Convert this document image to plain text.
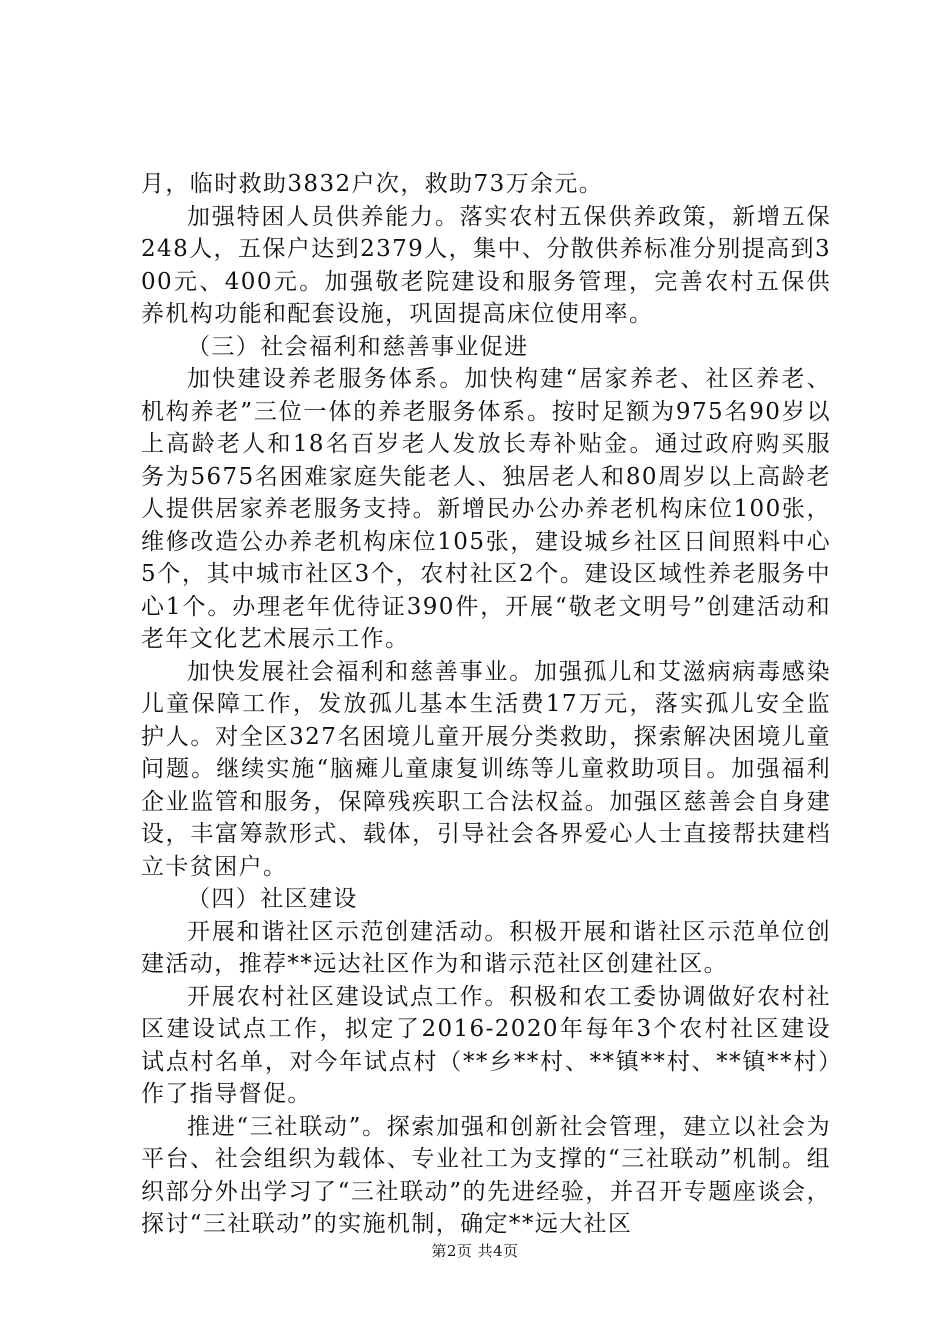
月，临时救助3832户次，救助73万余元。

加强特困人员供养能力。落实农村五保供养政策，新增五保248人，五保户达到2379人，集中、分散供养标准分别提高到300元、400元。加强敬老院建设和服务管理，完善农村五保供养机构功能和配套设施，巩固提高床位使用率。

（三）社会福利和慈善事业促进

加快建设养老服务体系。加快构建“居家养老、社区养老、机构养老”三位一体的养老服务体系。按时足额为975名90岁以上高龄老人和18名百岁老人发放长寿补贴金。通过政府购买服务为5675名困难家庭失能老人、独居老人和80周岁以上高龄老人提供居家养老服务支持。新增民办公办养老机构床位100张，维修改造公办养老机构床位105张，建设城乡社区日间照料中心5个，其中城市社区3个，农村社区2个。建设区域性养老服务中心1个。办理老年优待证390件，开展“敬老文明号”创建活动和老年文化艺术展示工作。

加快发展社会福利和慈善事业。加强孤儿和艾滋病病毒感染儿童保障工作，发放孤儿基本生活费17万元，落实孤儿安全监护人。对全区327名困境儿童开展分类救助，探索解决困境儿童问题。继续实施“脑瘫儿童康复训练等儿童救助项目。加强福利企业监管和服务，保障残疾职工合法权益。加强区慈善会自身建设，丰富筹款形式、载体，引导社会各界爱心人士直接帮扶建档立卡贫困户。

（四）社区建设

开展和谐社区示范创建活动。积极开展和谐社区示范单位创建活动，推荐**远达社区作为和谐示范社区创建社区。

开展农村社区建设试点工作。积极和农工委协调做好农村社区建设试点工作，拟定了2016-2020年每年3个农村社区建设试点村名单，对今年试点村（**乡**村、**镇**村、**镇**村）作了指导督促。

推进“三社联动”。探索加强和创新社会管理，建立以社会为平台、社会组织为载体、专业社工为支撑的“三社联动”机制。组织部分外出学习了“三社联动”的先进经验，并召开专题座谈会，探讨“三社联动”的实施机制，确定**远大社区

第2页 共4页
